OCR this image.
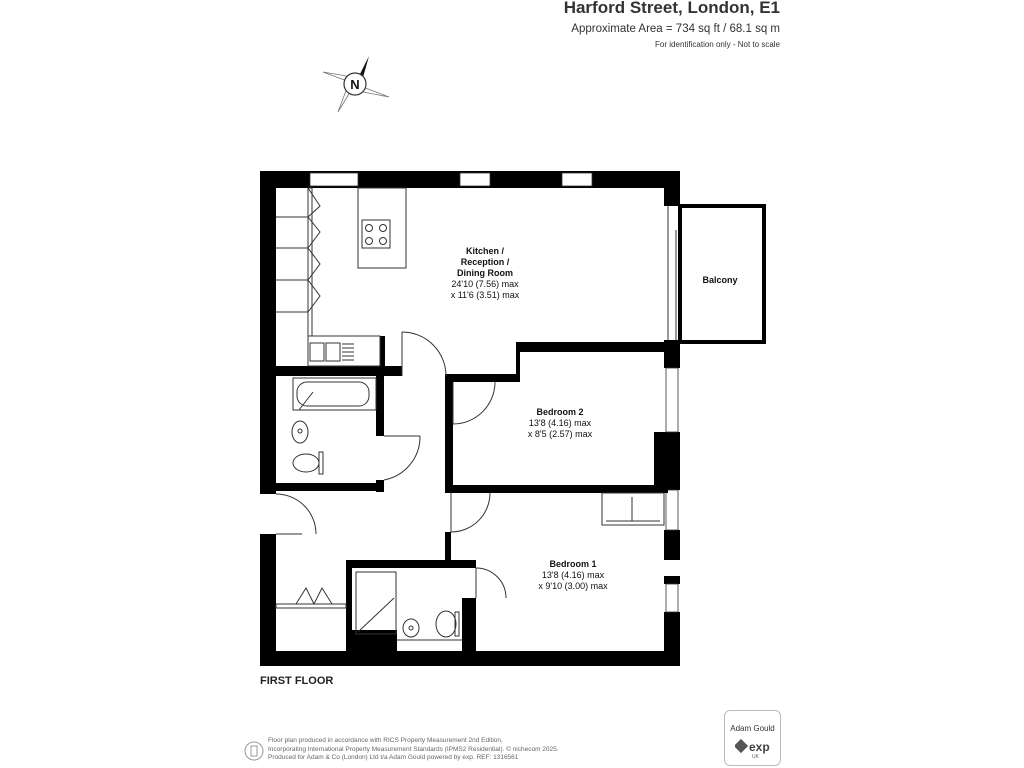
Harford Street, London, E1
Approximate Area = 734 sq ft / 68.1 sq m
For identification only - Not to scale
N
Kitchen /
Reception /
Dining Room
24'10 (7.56) max
x 11'6 (3.51) max
Balcony
Bedroom 2
13'8 (4.16) max
x 8'5 (2.57) max
Bedroom 1
13'8 (4.16) max
x 9'10 (3.00) max
FIRST FLOOR
Floor plan produced in accordance with RICS Property Measurement 2nd Edition,
Incorporating International Property Measurement Standards (IPMS2 Residential). © nichecom 2025.
Produced for Adam & Co (London) Ltd t/a Adam Gould powered by exp. REF: 1316561
Adam Gould
exp
UK
